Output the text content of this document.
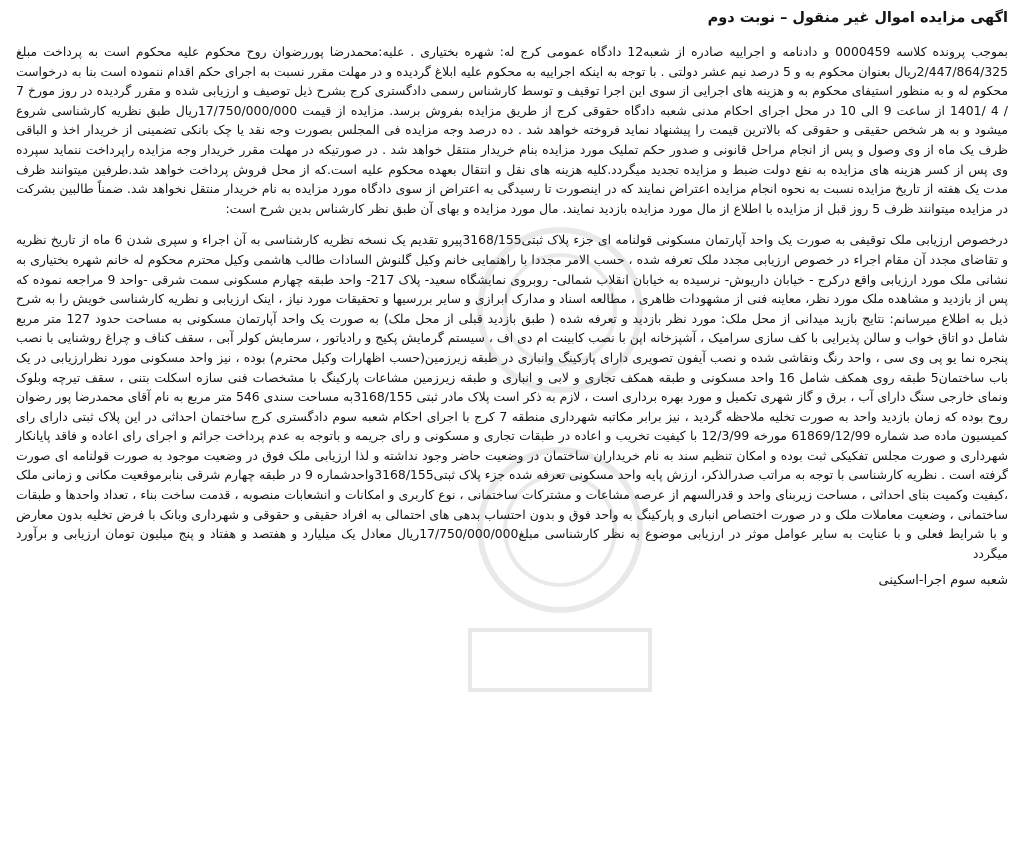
اگهی مزایده اموال غیر منقول – نوبت دوم

بموجب پرونده کلاسه 0000459 و دادنامه و اجراییه صادره از شعبه12 دادگاه عمومی کرج له: شهره بختیاری . علیه:محمدرضا پوررضوان روح محکوم علیه محکوم است به پرداخت مبلغ 2/447/864/325ریال بعنوان محکوم به و 5 درصد نیم عشر دولتی . با توجه به اینکه اجراییه به محکوم علیه ابلاغ گردیده و در مهلت مقرر نسبت به اجرای حکم اقدام ننموده است بنا به درخواست محکوم له و به منظور استیفای محکوم به و هزینه های اجرایی از سوی این اجرا توقیف و توسط کارشناس رسمی دادگستری کرج بشرح ذیل توصیف و ارزیابی شده و مقرر گردیده در روز مورخ 7 / 4 /1401 از ساعت 9 الی 10 در محل اجرای احکام مدنی شعبه دادگاه حقوقی کرج از طریق مزایده بفروش برسد. مزایده از قیمت 17/750/000/000ریال طبق نظریه کارشناسی شروع میشود و به هر شخص حقیقی و حقوقی که بالاترین قیمت را پیشنهاد نماید فروخته خواهد شد . ده درصد وجه مزایده فی المجلس بصورت وجه نقد یا چک بانکی تضمینی از خریدار اخذ و الباقی ظرف یک ماه از وی وصول و پس از انجام مراحل قانونی و صدور حکم تملیک مورد مزایده بنام خریدار منتقل خواهد شد . در صورتیکه در مهلت مقرر خریدار وجه مزایده راپرداخت ننماید سپرده وی پس از کسر هزینه های مزایده به نفع دولت ضبط و مزایده تجدید میگردد.کلیه هزینه های نقل و انتقال بعهده محکوم علیه است.که از محل فروش پرداخت خواهد شد.طرفین میتوانند ظرف مدت یک هفته از تاریخ مزایده نسبت به نحوه انجام مزایده اعتراض نمایند که در اینصورت تا رسیدگی به اعتراض از سوی دادگاه مورد مزایده به نام خریدار منتقل نخواهد شد. ضمناً طالبین بشرکت در مزایده میتوانند ظرف 5 روز قبل از مزایده با اطلاع از مال مورد مزایده بازدید نمایند. مال مورد مزایده و بهای آن طبق نظر کارشناس بدین شرح است:

درخصوص ارزیابی ملک توقیفی به صورت یک واحد آپارتمان مسکونی قولنامه ای جزء پلاک ثبتی3168/155پیرو تقدیم یک نسخه نظریه کارشناسی به آن اجراء و سپری شدن 6 ماه از تاریخ نظریه و تقاضای مجدد آن مقام اجراء در خصوص ارزیابی مجدد ملک تعرفه شده ، حسب الامر مجددا با راهنمایی خانم وکیل گلنوش السادات طالب هاشمی وکیل محترم محکوم له خانم شهره بختیاری به نشانی ملک مورد ارزیابی واقع درکرج - خیابان داریوش- نرسیده به خیابان انقلاب شمالی- روبروی نمایشگاه سعید- پلاک 217- واحد طبقه چهارم مسکونی سمت شرقی -واحد 9 مراجعه نموده که پس از بازدید و مشاهده ملک مورد نظر، معاینه فنی از مشهودات ظاهری ، مطالعه اسناد و مدارک ابرازی و سایر بررسیها و تحقیقات مورد نیاز ، اینک ارزیابی و نظریه کارشناسی خویش را به شرح ذیل به اطلاع میرسانم: نتایج بازید میدانی از محل ملک: مورد نظر بازدید و تعرفه شده ( طبق بازدید قبلی از محل ملک) به صورت یک واحد آپارتمان مسکونی به مساحت حدود 127 متر مربع شامل دو اتاق خواب و سالن پذیرایی با کف سازی سرامیک ، آشپزخانه اپن با نصب کابینت ام دی اف ، سیستم گرمایش پکیج و رادیاتور ، سرمایش کولر آبی ، سقف کناف و چراغ روشنایی با نصب پنجره نما یو پی وی سی ، واحد رنگ ونقاشی شده و نصب آیفون تصویری دارای پارکینگ وانباری در طبقه زیرزمین(حسب اظهارات وکیل محترم) بوده ، نیز واحد مسکونی مورد نظرارزیابی در یک باب ساختمان5 طبقه روی همکف شامل 16 واحد مسکونی و طبقه همکف تجاری و لابی و انباری و طبقه زیرزمین مشاعات پارکینگ با مشخصات فنی سازه اسکلت بتنی ، سقف تیرچه وبلوک ونمای خارجی سنگ دارای آب ، برق و گاز شهری تکمیل و مورد بهره برداری است ، لازم به ذکر است پلاک مادر ثبتی 3168/155به مساحت سندی 546 متر مربع به نام آقای محمدرضا پور رضوان روح بوده که زمان بازدید واحد به صورت تخلیه ملاحظه گردید ، نیز برابر مکاتبه شهرداری منطقه 7 کرج با اجرای احکام شعبه سوم دادگستری کرج ساختمان احداثی در این پلاک ثبتی دارای رای کمیسیون ماده صد شماره 61869/12/99 مورخه 12/3/99 با کیفیت تخریب و اعاده در طبقات تجاری و مسکونی و رای جریمه و باتوجه به عدم پرداخت جرائم و اجرای رای اعاده و فاقد پایانکار شهرداری و صورت مجلس تفکیکی ثبت بوده و امکان تنظیم سند به نام خریداران ساختمان در وضعیت حاضر وجود نداشته و لذا ارزیابی ملک فوق در وضعیت موجود به صورت قولنامه ای صورت گرفته است . نظریه کارشناسی با توجه به مراتب صدرالذکر، ارزش پایه واحد مسکونی تعرفه شده جزء پلاک ثبتی3168/155واحدشماره 9 در طبقه چهارم شرقی بنابرموقعیت مکانی و زمانی ملک ،کیفیت وکمیت بنای احداثی ، مساحت زیربنای واحد و قدرالسهم از عرصه مشاعات و مشترکات ساختمانی ، نوع کاربری و امکانات و انشعابات منصوبه ، قدمت ساخت بناء ، تعداد واحدها و طبقات ساختمانی ، وضعیت معاملات ملک و در صورت اختصاص انباری و پارکینگ به واحد فوق و بدون احتساب بدهی های احتمالی به افراد حقیقی و حقوقی و شهرداری وبانک با فرض تخلیه بدون معارض و با شرایط فعلی و با عنایت به سایر عوامل موثر در ارزیابی موضوع به نظر کارشناسی مبلغ17/750/000/000ریال معادل یک میلیارد و هفتصد و هفتاد و پنج میلیون تومان ارزیابی و برآورد میگردد

شعبه سوم اجرا-اسکینی
